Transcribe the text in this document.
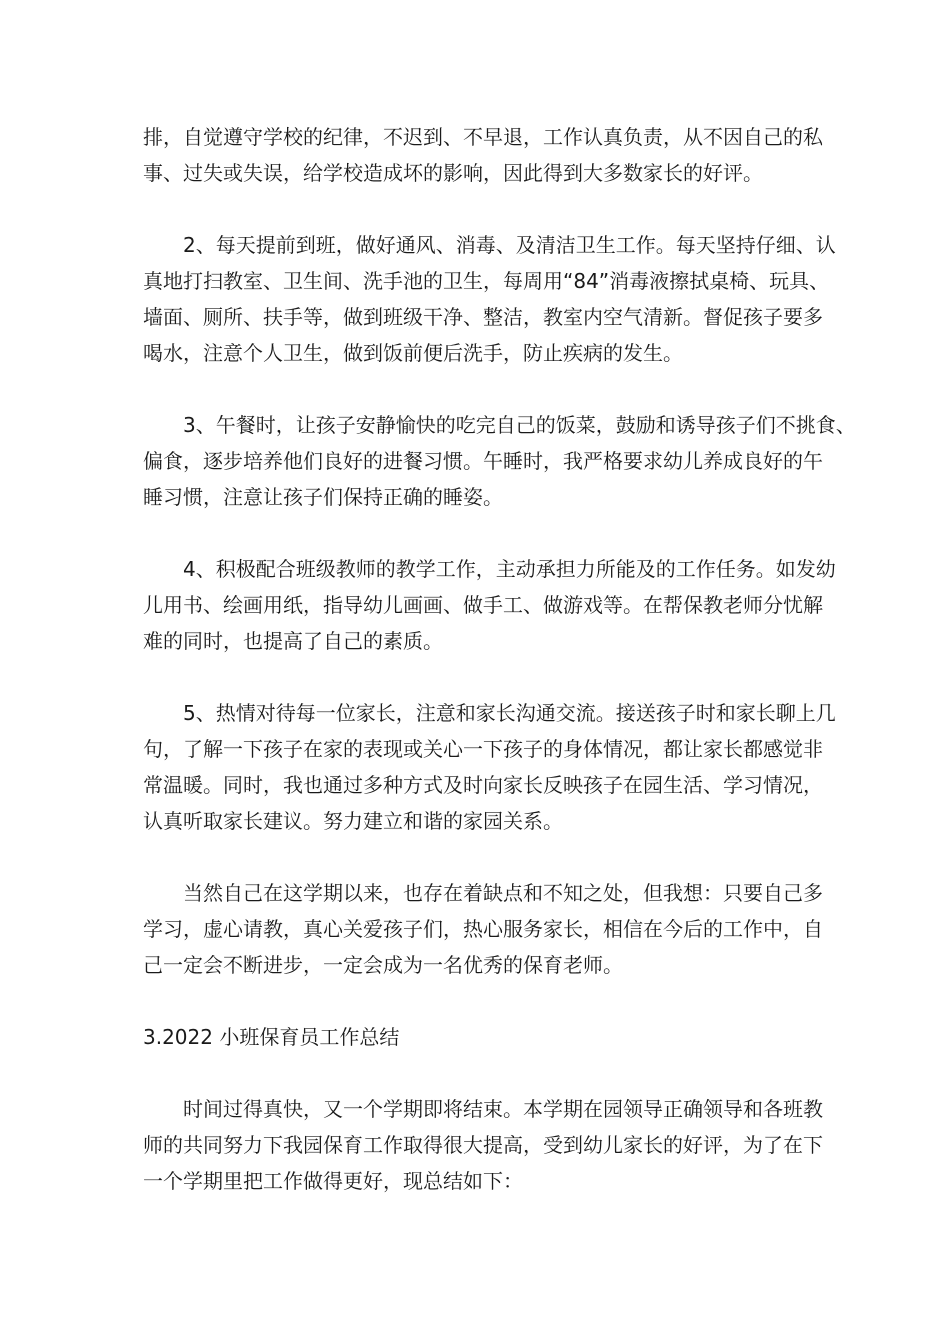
排，自觉遵守学校的纪律，不迟到、不早退，工作认真负责，从不因自己的私
事、过失或失误，给学校造成坏的影响，因此得到大多数家长的好评。

2、每天提前到班，做好通风、消毒、及清洁卫生工作。每天坚持仔细、认
真地打扫教室、卫生间、洗手池的卫生，每周用“84”消毒液擦拭桌椅、玩具、
墙面、厕所、扶手等，做到班级干净、整洁，教室内空气清新。督促孩子要多
喝水，注意个人卫生，做到饭前便后洗手，防止疾病的发生。

3、午餐时，让孩子安静愉快的吃完自己的饭菜，鼓励和诱导孩子们不挑食、
偏食，逐步培养他们良好的进餐习惯。午睡时，我严格要求幼儿养成良好的午
睡习惯，注意让孩子们保持正确的睡姿。

4、积极配合班级教师的教学工作，主动承担力所能及的工作任务。如发幼
儿用书、绘画用纸，指导幼儿画画、做手工、做游戏等。在帮保教老师分忧解
难的同时，也提高了自己的素质。

5、热情对待每一位家长，注意和家长沟通交流。接送孩子时和家长聊上几
句，了解一下孩子在家的表现或关心一下孩子的身体情况，都让家长都感觉非
常温暖。同时，我也通过多种方式及时向家长反映孩子在园生活、学习情况，
认真听取家长建议。努力建立和谐的家园关系。

当然自己在这学期以来，也存在着缺点和不知之处，但我想：只要自己多
学习，虚心请教，真心关爱孩子们，热心服务家长，相信在今后的工作中，自
己一定会不断进步，一定会成为一名优秀的保育老师。

3.2022 小班保育员工作总结

时间过得真快，又一个学期即将结束。本学期在园领导正确领导和各班教
师的共同努力下我园保育工作取得很大提高，受到幼儿家长的好评，为了在下
一个学期里把工作做得更好，现总结如下：
